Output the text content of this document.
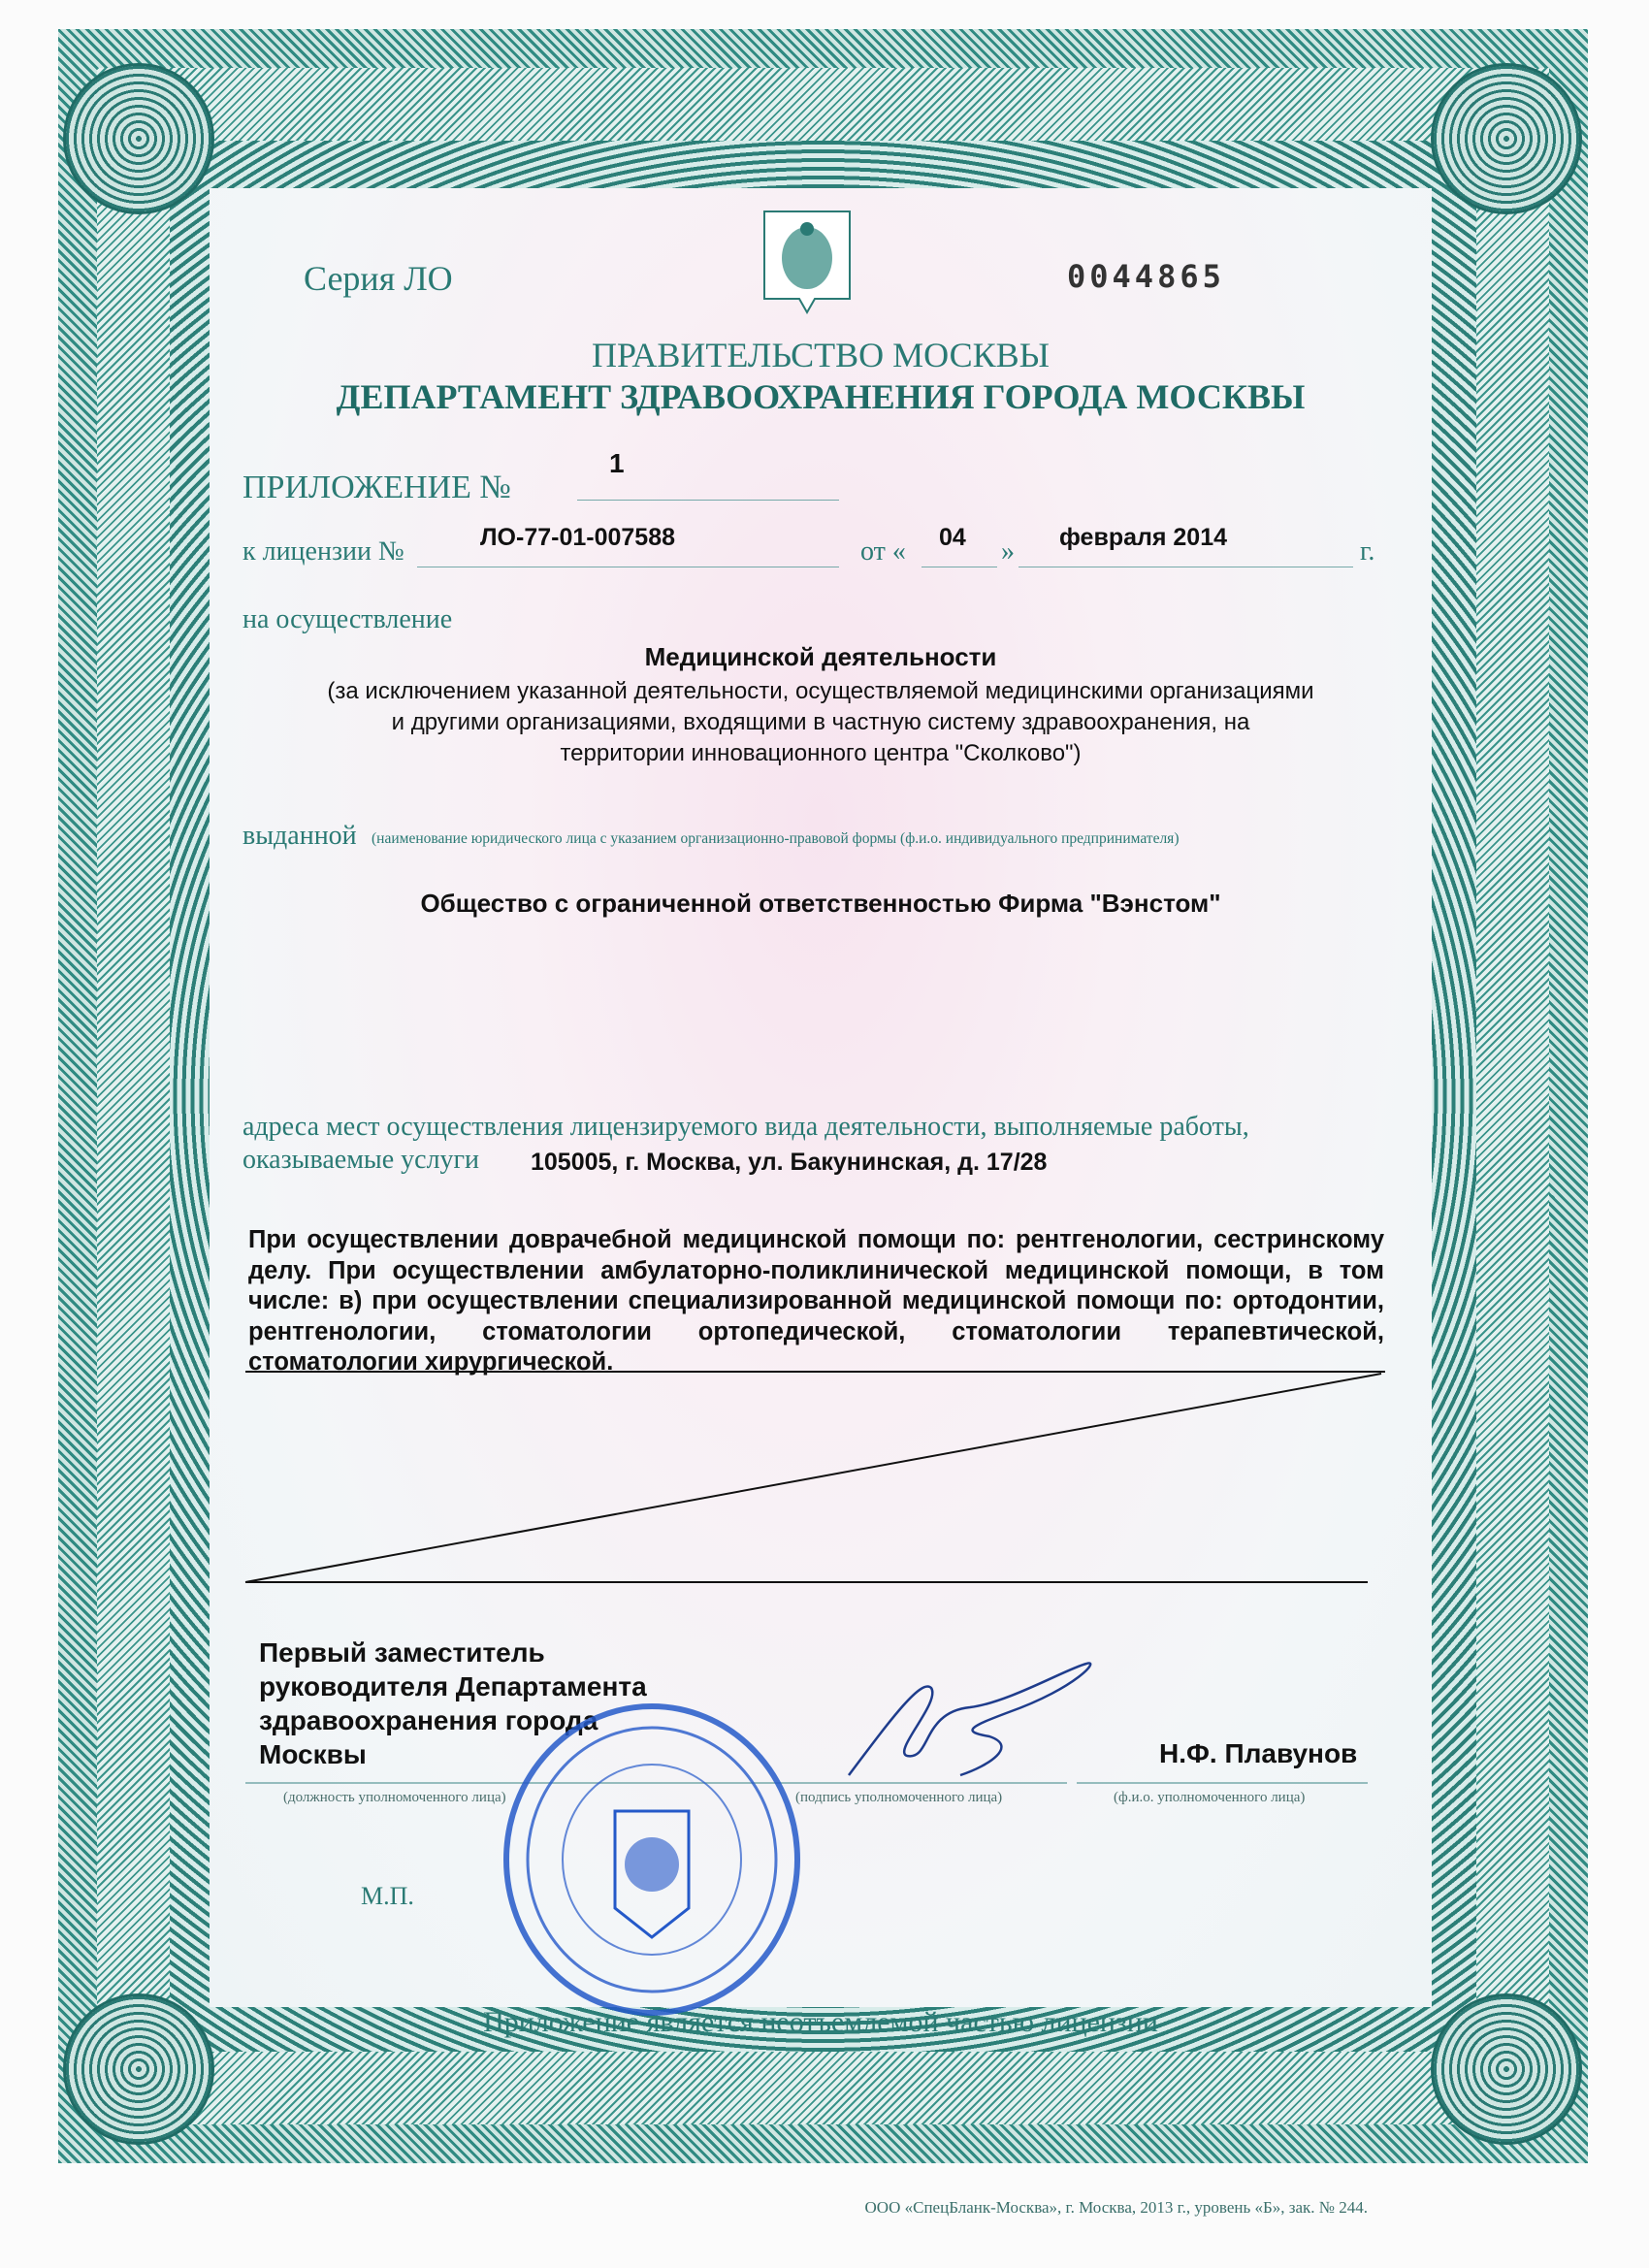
Серия ЛО	0044865
ПРАВИТЕЛЬСТВО МОСКВЫ
ДЕПАРТАМЕНТ ЗДРАВООХРАНЕНИЯ ГОРОДА МОСКВЫ
ПРИЛОЖЕНИЕ №
1
к лицензии №	ЛО-77-01-007588	от « 04 » февраля 2014	г.
на осуществление
Медицинской деятельности
(за исключением указанной деятельности, осуществляемой медицинскими организациями
и другими организациями, входящими в частную систему здравоохранения, на
территории инновационного центра "Сколково")
выданной (наименование юридического лица с указанием организационно-правовой формы (ф.и.о. индивидуального предпринимателя)
Общество с ограниченной ответственностью Фирма "Вэнстом"
адреса мест осуществления лицензируемого вида деятельности, выполняемые работы,
оказываемые услуги 105005, г. Москва, ул. Бакунинская, д. 17/28
При осуществлении доврачебной медицинской помощи по: рентгенологии, сестринскому делу. При осуществлении амбулаторно-поликлинической медицинской помощи, в том числе: в) при осуществлении специализированной медицинской помощи по: ортодонтии, рентгенологии, стоматологии ортопедической, стоматологии терапевтической, стоматологии хирургической.
Первый заместитель
руководителя Департамента
здравоохранения города
Москвы	Н.Ф. Плавунов
(должность уполномоченного лица)	(подпись уполномоченного лица)	(ф.и.о. уполномоченного лица)
М.П.
Приложение является неотъемлемой частью лицензии
ООО «СпецБланк-Москва», г. Москва, 2013 г., уровень «Б», зак. № 244.
